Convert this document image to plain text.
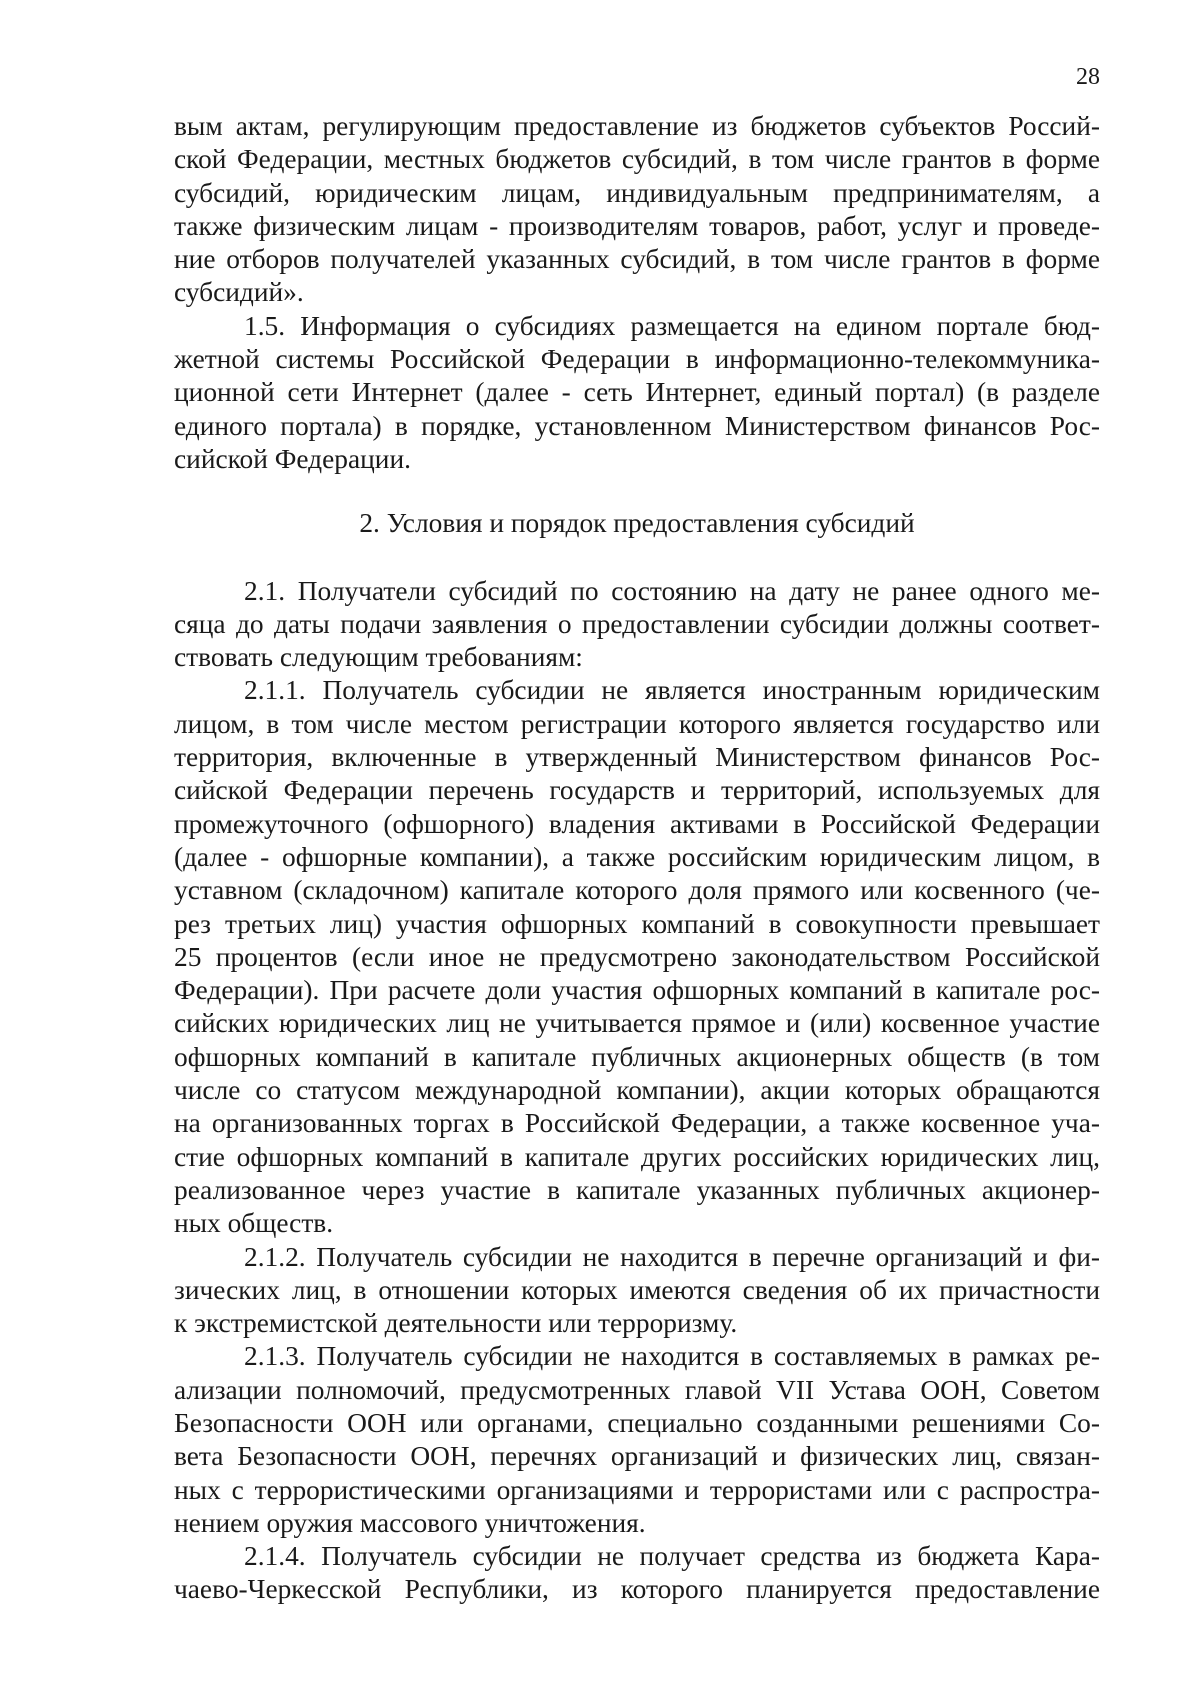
28

вым актам, регулирующим предоставление из бюджетов субъектов Россий-

ской Федерации, местных бюджетов субсидий, в том числе грантов в форме

субсидий, юридическим лицам, индивидуальным предпринимателям, а

также физическим лицам - производителям товаров, работ, услуг и проведе-

ние отборов получателей указанных субсидий, в том числе грантов в форме

субсидий».

1.5. Информация о субсидиях размещается на едином портале бюд-

жетной системы Российской Федерации в информационно-телекоммуника-

ционной сети Интернет (далее - сеть Интернет, единый портал) (в разделе

единого портала) в порядке, установленном Министерством финансов Рос-

сийской Федерации.

2. Условия и порядок предоставления субсидий

2.1. Получатели субсидий по состоянию на дату не ранее одного ме-

сяца до даты подачи заявления о предоставлении субсидии должны соответ-

ствовать следующим требованиям:

2.1.1. Получатель субсидии не является иностранным юридическим

лицом, в том числе местом регистрации которого является государство или

территория, включенные в утвержденный Министерством финансов Рос-

сийской Федерации перечень государств и территорий, используемых для

промежуточного (офшорного) владения активами в Российской Федерации

(далее - офшорные компании), а также российским юридическим лицом, в

уставном (складочном) капитале которого доля прямого или косвенного (че-

рез третьих лиц) участия офшорных компаний в совокупности превышает

25 процентов (если иное не предусмотрено законодательством Российской

Федерации). При расчете доли участия офшорных компаний в капитале рос-

сийских юридических лиц не учитывается прямое и (или) косвенное участие

офшорных компаний в капитале публичных акционерных обществ (в том

числе со статусом международной компании), акции которых обращаются

на организованных торгах в Российской Федерации, а также косвенное уча-

стие офшорных компаний в капитале других российских юридических лиц,

реализованное через участие в капитале указанных публичных акционер-

ных обществ.

2.1.2. Получатель субсидии не находится в перечне организаций и фи-

зических лиц, в отношении которых имеются сведения об их причастности

к экстремистской деятельности или терроризму.

2.1.3. Получатель субсидии не находится в составляемых в рамках ре-

ализации полномочий, предусмотренных главой VII Устава ООН, Советом

Безопасности ООН или органами, специально созданными решениями Со-

вета Безопасности ООН, перечнях организаций и физических лиц, связан-

ных с террористическими организациями и террористами или с распростра-

нением оружия массового уничтожения.

2.1.4. Получатель субсидии не получает средства из бюджета Кара-

чаево-Черкесской Республики, из которого планируется предоставление
